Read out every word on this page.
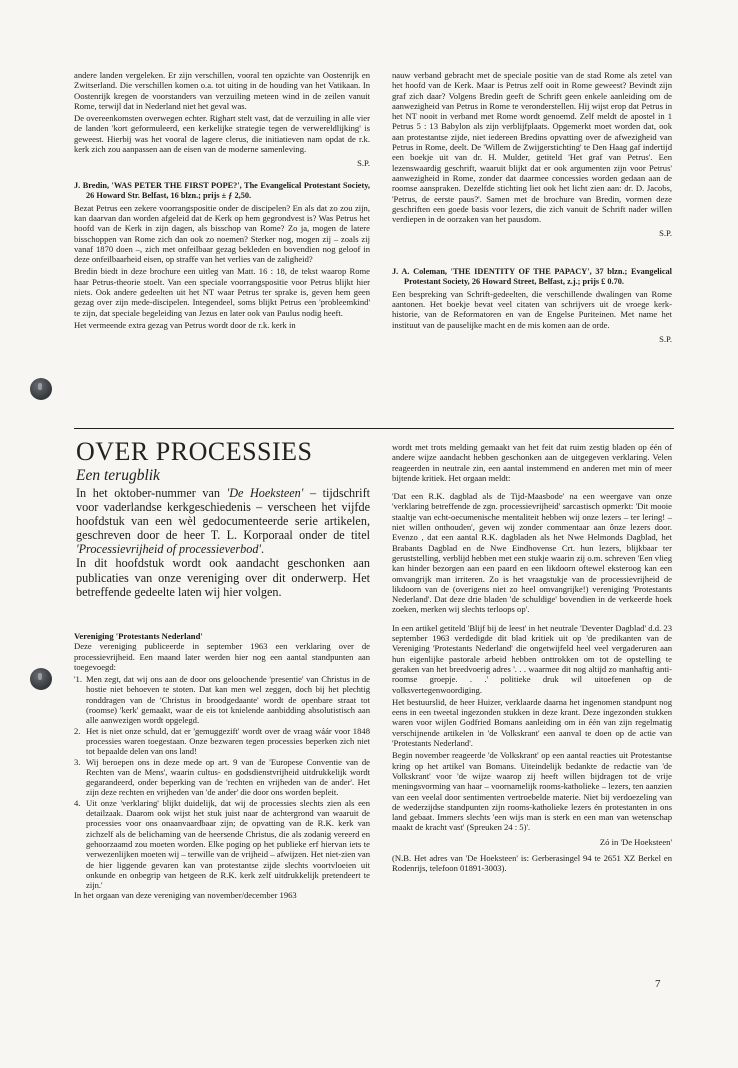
andere landen vergeleken. Er zijn verschillen, vooral ten opzichte van Oostenrijk en Zwitserland. Die verschillen komen o.a. tot uiting in de houding van het Vatikaan. In Oostenrijk kregen de voorstanders van verzuiling meteen wind in de zeilen vanuit Rome, terwijl dat in Nederland niet het geval was.

De overeenkomsten overwegen echter. Righart stelt vast, dat de verzuiling in alle vier de landen 'kort geformuleerd, een kerkelijke strategie tegen de verwereldlijking' is geweest. Hierbij was het vooral de lagere clerus, die initiatieven nam opdat de r.k. kerk zich zou aanpassen aan de eisen van de moderne samenleving.

S.P.

J. Bredin, 'WAS PETER THE FIRST POPE?', The Evangelical Protestant Society, 26 Howard Str. Belfast, 16 blzn.; prijs ± ƒ 2,50.

Bezat Petrus een zekere voorrangspositie onder de discipelen? En als dat zo zou zijn, kan daarvan dan worden afgeleid dat de Kerk op hem gegrondvest is? Was Petrus het hoofd van de Kerk in zijn dagen, als bisschop van Rome? Zo ja, mogen de latere bisschoppen van Rome zich dan ook zo noemen? Sterker nog, mogen zij – zoals zij vanaf 1870 doen –, zich met onfeilbaar gezag bekleden en bovendien nog geloof in deze onfeilbaarheid eisen, op straffe van het verlies van de zaligheid?

Bredin biedt in deze brochure een uitleg van Matt. 16 : 18, de tekst waarop Rome haar Petrus-theorie stoelt. Van een speciale voorrangspositie voor Petrus blijkt hier niets. Ook andere gedeelten uit het NT waar Petrus ter sprake is, geven hem geen gezag over zijn mede-discipelen. Integendeel, soms blijkt Petrus een 'probleemkind' te zijn, dat speciale begeleiding van Jezus en later ook van Paulus nodig heeft.

Het vermeende extra gezag van Petrus wordt door de r.k. kerk in

nauw verband gebracht met de speciale positie van de stad Rome als zetel van het hoofd van de Kerk. Maar is Petrus zelf ooit in Rome geweest? Bevindt zijn graf zich daar? Volgens Bredin geeft de Schrift geen enkele aanleiding om de aanwezigheid van Petrus in Rome te veronderstellen. Hij wijst erop dat Petrus in het NT nooit in verband met Rome wordt genoemd. Zelf meldt de apostel in 1 Petrus 5 : 13 Babylon als zijn verblijfplaats. Opgemerkt moet worden dat, ook aan protestantse zijde, niet iedereen Bredins opvatting over de afwezigheid van Petrus in Rome, deelt. De 'Willem de Zwijgerstichting' te Den Haag gaf indertijd een boekje uit van dr. H. Mulder, getiteld 'Het graf van Petrus'. Een lezenswaardig geschrift, waaruit blijkt dat er ook argumenten zijn voor Petrus' aanwezigheid in Rome, zonder dat daarmee concessies worden gedaan aan de roomse aanspraken. Dezelfde stichting liet ook het licht zien aan: dr. D. Jacobs, 'Petrus, de eerste paus?'. Samen met de brochure van Bredin, vormen deze geschriften een goede basis voor lezers, die zich vanuit de Schrift nader willen verdiepen in de oorzaken van het pausdom.

S.P.

J. A. Coleman, 'THE IDENTITY OF THE PAPACY', 37 blzn.; Evangelical Protestant Society, 26 Howard Street, Belfast, z.j.; prijs £ 0.70.

Een bespreking van Schrift-gedeelten, die verschillende dwalingen van Rome aantonen. Het boekje bevat veel citaten van schrijvers uit de vroege kerk-historie, van de Reformatoren en van de Engelse Puriteinen. Met name het instituut van de pauselijke macht en de mis komen aan de orde.

S.P.
OVER PROCESSIES
Een terugblik

In het oktober-nummer van 'De Hoeksteen' – tijdschrift voor vaderlandse kerkgeschiedenis – verscheen het vijfde hoofdstuk van een wèl gedocumenteerde serie artikelen, geschreven door de heer T. L. Korporaal onder de titel 'Processievrijheid of processieverbod'.

In dit hoofdstuk wordt ook aandacht geschonken aan publicaties van onze vereniging over dit onderwerp. Het betreffende gedeelte laten wij hier volgen.

Vereniging 'Protestants Nederland'

Deze vereniging publiceerde in september 1963 een verklaring over de processievrijheid. Een maand later werden hier nog een aantal standpunten aan toegevoegd:

'1. Men zegt, dat wij ons aan de door ons geloochende 'presentie' van Christus in de hostie niet behoeven te stoten. Dat kan men wel zeggen, doch bij het plechtig ronddragen van de 'Christus in broodgedaante' wordt de openbare straat tot (roomse) 'kerk' gemaakt, waar de eis tot knielende aanbidding absolutistisch aan alle aanwezigen wordt opgelegd.
2. Het is niet onze schuld, dat er 'gemuggezift' wordt over de vraag wáár voor 1848 processies waren toegestaan. Onze bezwaren tegen processies beperken zich niet tot bepaalde delen van ons land!
3. Wij beroepen ons in deze mede op art. 9 van de 'Europese Conventie van de Rechten van de Mens', waarin cultus- en godsdienstvrijheid uitdrukkelijk wordt gegarandeerd, onder beperking van de 'rechten en vrijheden van de ander'. Het zijn deze rechten en vrijheden van 'de ander' die door ons worden bepleit.
4. Uit onze 'verklaring' blijkt duidelijk, dat wij de processies slechts zien als een detailzaak. Daarom ook wijst het stuk juist naar de achtergrond van waaruit de processies voor ons onaanvaardbaar zijn; de opvatting van de R.K. kerk van zichzelf als de belichaming van de heersende Christus, die als zodanig vereerd en gehoorzaamd zou moeten worden. Elke poging op het publieke erf hiervan iets te verwezenlijken moeten wij – terwille van de vrijheid – afwijzen. Het niet-zien van de hier liggende gevaren kan van protestantse zijde slechts voortvloeien uit onkunde en onbegrip van hetgeen de R.K. kerk zelf uitdrukkelijk pretendeert te zijn.'

In het orgaan van deze vereniging van november/december 1963

wordt met trots melding gemaakt van het feit dat ruim zestig bladen op één of andere wijze aandacht hebben geschonken aan de uitgegeven verklaring. Velen reageerden in neutrale zin, een aantal instemmend en anderen met min of meer bijtende kritiek. Het orgaan meldt:

'Dat een R.K. dagblad als de Tijd-Maasbode' na een weergave van onze 'verklaring betreffende de zgn. processievrijheid' sarcastisch opmerkt: 'Dit mooie staaltje van echt-oecumenische mentaliteit hebben wij onze lezers – ter lering! – niet willen onthouden', geven wij zonder commentaar aan ônze lezers door. Evenzo , dat een aantal R.K. dagbladen als het Nwe Helmonds Dagblad, het Brabants Dagblad en de Nwe Eindhovense Crt. hun lezers, blijkbaar ter geruststelling, verblijd hebben met een stukje waarin zij o.m. schreven 'Een vlieg kan hinder bezorgen aan een paard en een likdoorn oftewel eksteroog kan een omvangrijk man irriteren. Zo is het vraagstukje van de processievrijheid de likdoorn van de (overigens niet zo heel omvangrijke!) vereniging 'Protestants Nederland'. Dat deze drie bladen 'de schuldige' bovendien in de verkeerde hoek zoeken, merken wij slechts terloops op'.

In een artikel getiteld 'Blijf bij de leest' in het neutrale 'Deventer Dagblad' d.d. 23 september 1963 verdedigde dit blad kritiek uit op 'de predikanten van de Vereniging 'Protestants Nederland' die ongetwijfeld heel veel vergaderuren aan hun eigenlijke pastorale arbeid hebben onttrokken om tot de opstelling te geraken van het breedvoerig adres '. . . waarmee dit nog altijd zo manhaftig anti-roomse groepje. . .' politieke druk wil uitoefenen op de volksvertegenwoordiging.

Het bestuurslid, de heer Huizer, verklaarde daarna het ingenomen standpunt nog eens in een tweetal ingezonden stukken in deze krant. Deze ingezonden stukken waren voor wijlen Godfried Bomans aanleiding om in één van zijn regelmatig verschijnende artikelen in 'de Volkskrant' een aanval te doen op de actie van 'Protestants Nederland'.

Begin november reageerde 'de Volkskrant' op een aantal reacties uit Protestantse kring op het artikel van Bomans. Uiteindelijk bedankte de redactie van 'de Volkskrant' voor 'de wijze waarop zij heeft willen bijdragen tot de vrije meningsvorming van haar – voornamelijk rooms-katholieke – lezers, ten aanzien van een veelal door sentimenten vertroebelde materie. Niet bij verdoezeling van de wederzijdse standpunten zijn rooms-katholieke lezers én protestanten in ons land gebaat. Immers slechts 'een wijs man is sterk en een man van wetenschap maakt de kracht vast' (Spreuken 24 : 5)'.

Zó in 'De Hoeksteen'

(N.B. Het adres van 'De Hoeksteen' is: Gerberasingel 94 te 2651 XZ Berkel en Rodenrijs, telefoon 01891-3003).

7
